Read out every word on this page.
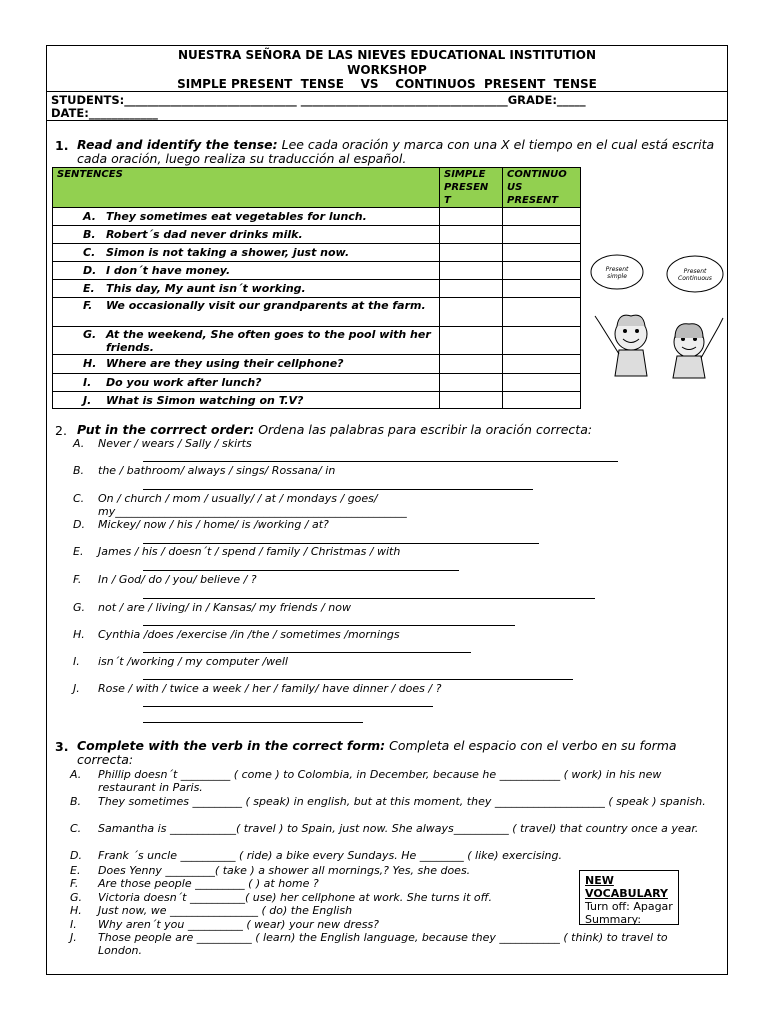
NUESTRA SEÑORA DE LAS NIEVES EDUCATIONAL INSTITUTION
WORKSHOP
SIMPLE PRESENT  TENSE    VS    CONTINUOS  PRESENT  TENSE
STUDENTS:______________________________ ____________________________________GRADE:_____
DATE:____________
1. Read and identify the tense: Lee cada oración y marca con una X el tiempo en el cual está escrita cada oración, luego realiza su traducción al español.
SENTENCES	SIMPLE PRESEN T	CONTINUO US PRESENT

A. They sometimes eat vegetables for lunch.		

B. Robert´s dad never drinks milk.		

C. Simon is not taking a shower, just now.		

D. I don´t have money.		

E. This day, My aunt isn´t working.		

F. We occasionally visit our grandparents at the farm.		

G. At the weekend, She often goes to the pool with her friends.		

H. Where are they using their cellphone?		

I. Do you work after lunch?		

J. What is Simon watching on T.V?		

Present
simple
Present
Continuous
2. Put in the corrrect order: Ordena las palabras para escribir la oración correcta:
A.	Never / wears / Sally / skirts
B.	the / bathroom/ always / sings/ Rossana/ in
C.	On / church / mom / usually/ / at / mondays / goes/
my_____________________________________________________
D.	Mickey/ now / his / home/ is /working / at?
E.	James / his / doesn´t / spend / family / Christmas / with
F.	In / God/ do / you/ believe / ?
G.	not / are / living/ in / Kansas/ my friends / now
H.	Cynthia /does /exercise /in /the / sometimes /mornings
I.	isn´t /working / my computer /well
J.	Rose / with / twice a week / her / family/ have dinner / does / ?
3. Complete with the verb in the correct form: Completa el espacio con el verbo en su forma correcta:
A.	Phillip doesn´t _________ ( come ) to Colombia, in December, because he ___________ ( work) in his new restaurant in Paris.
B.	They sometimes _________ ( speak) in english, but at this moment, they ____________________ ( speak ) spanish.
C.	Samantha is ____________( travel ) to Spain, just now. She always__________ ( travel) that country once a year.
D.	Frank ´s uncle __________ ( ride) a bike every Sundays. He ________ ( like) exercising.
E.	Does Yenny _________( take ) a shower all mornings,? Yes, she does.
F.	Are those people _________ ( ) at home ?
G.	Victoria doesn´t __________( use) her cellphone at work. She turns it off.
H.	Just now, we ________________ ( do) the English
I.	Why aren´t you __________ ( wear) your new dress?
J.	Those people are __________ ( learn) the English language, because they ___________ ( think) to travel to London.
NEW VOCABULARY
Turn off: Apagar
Summary:
